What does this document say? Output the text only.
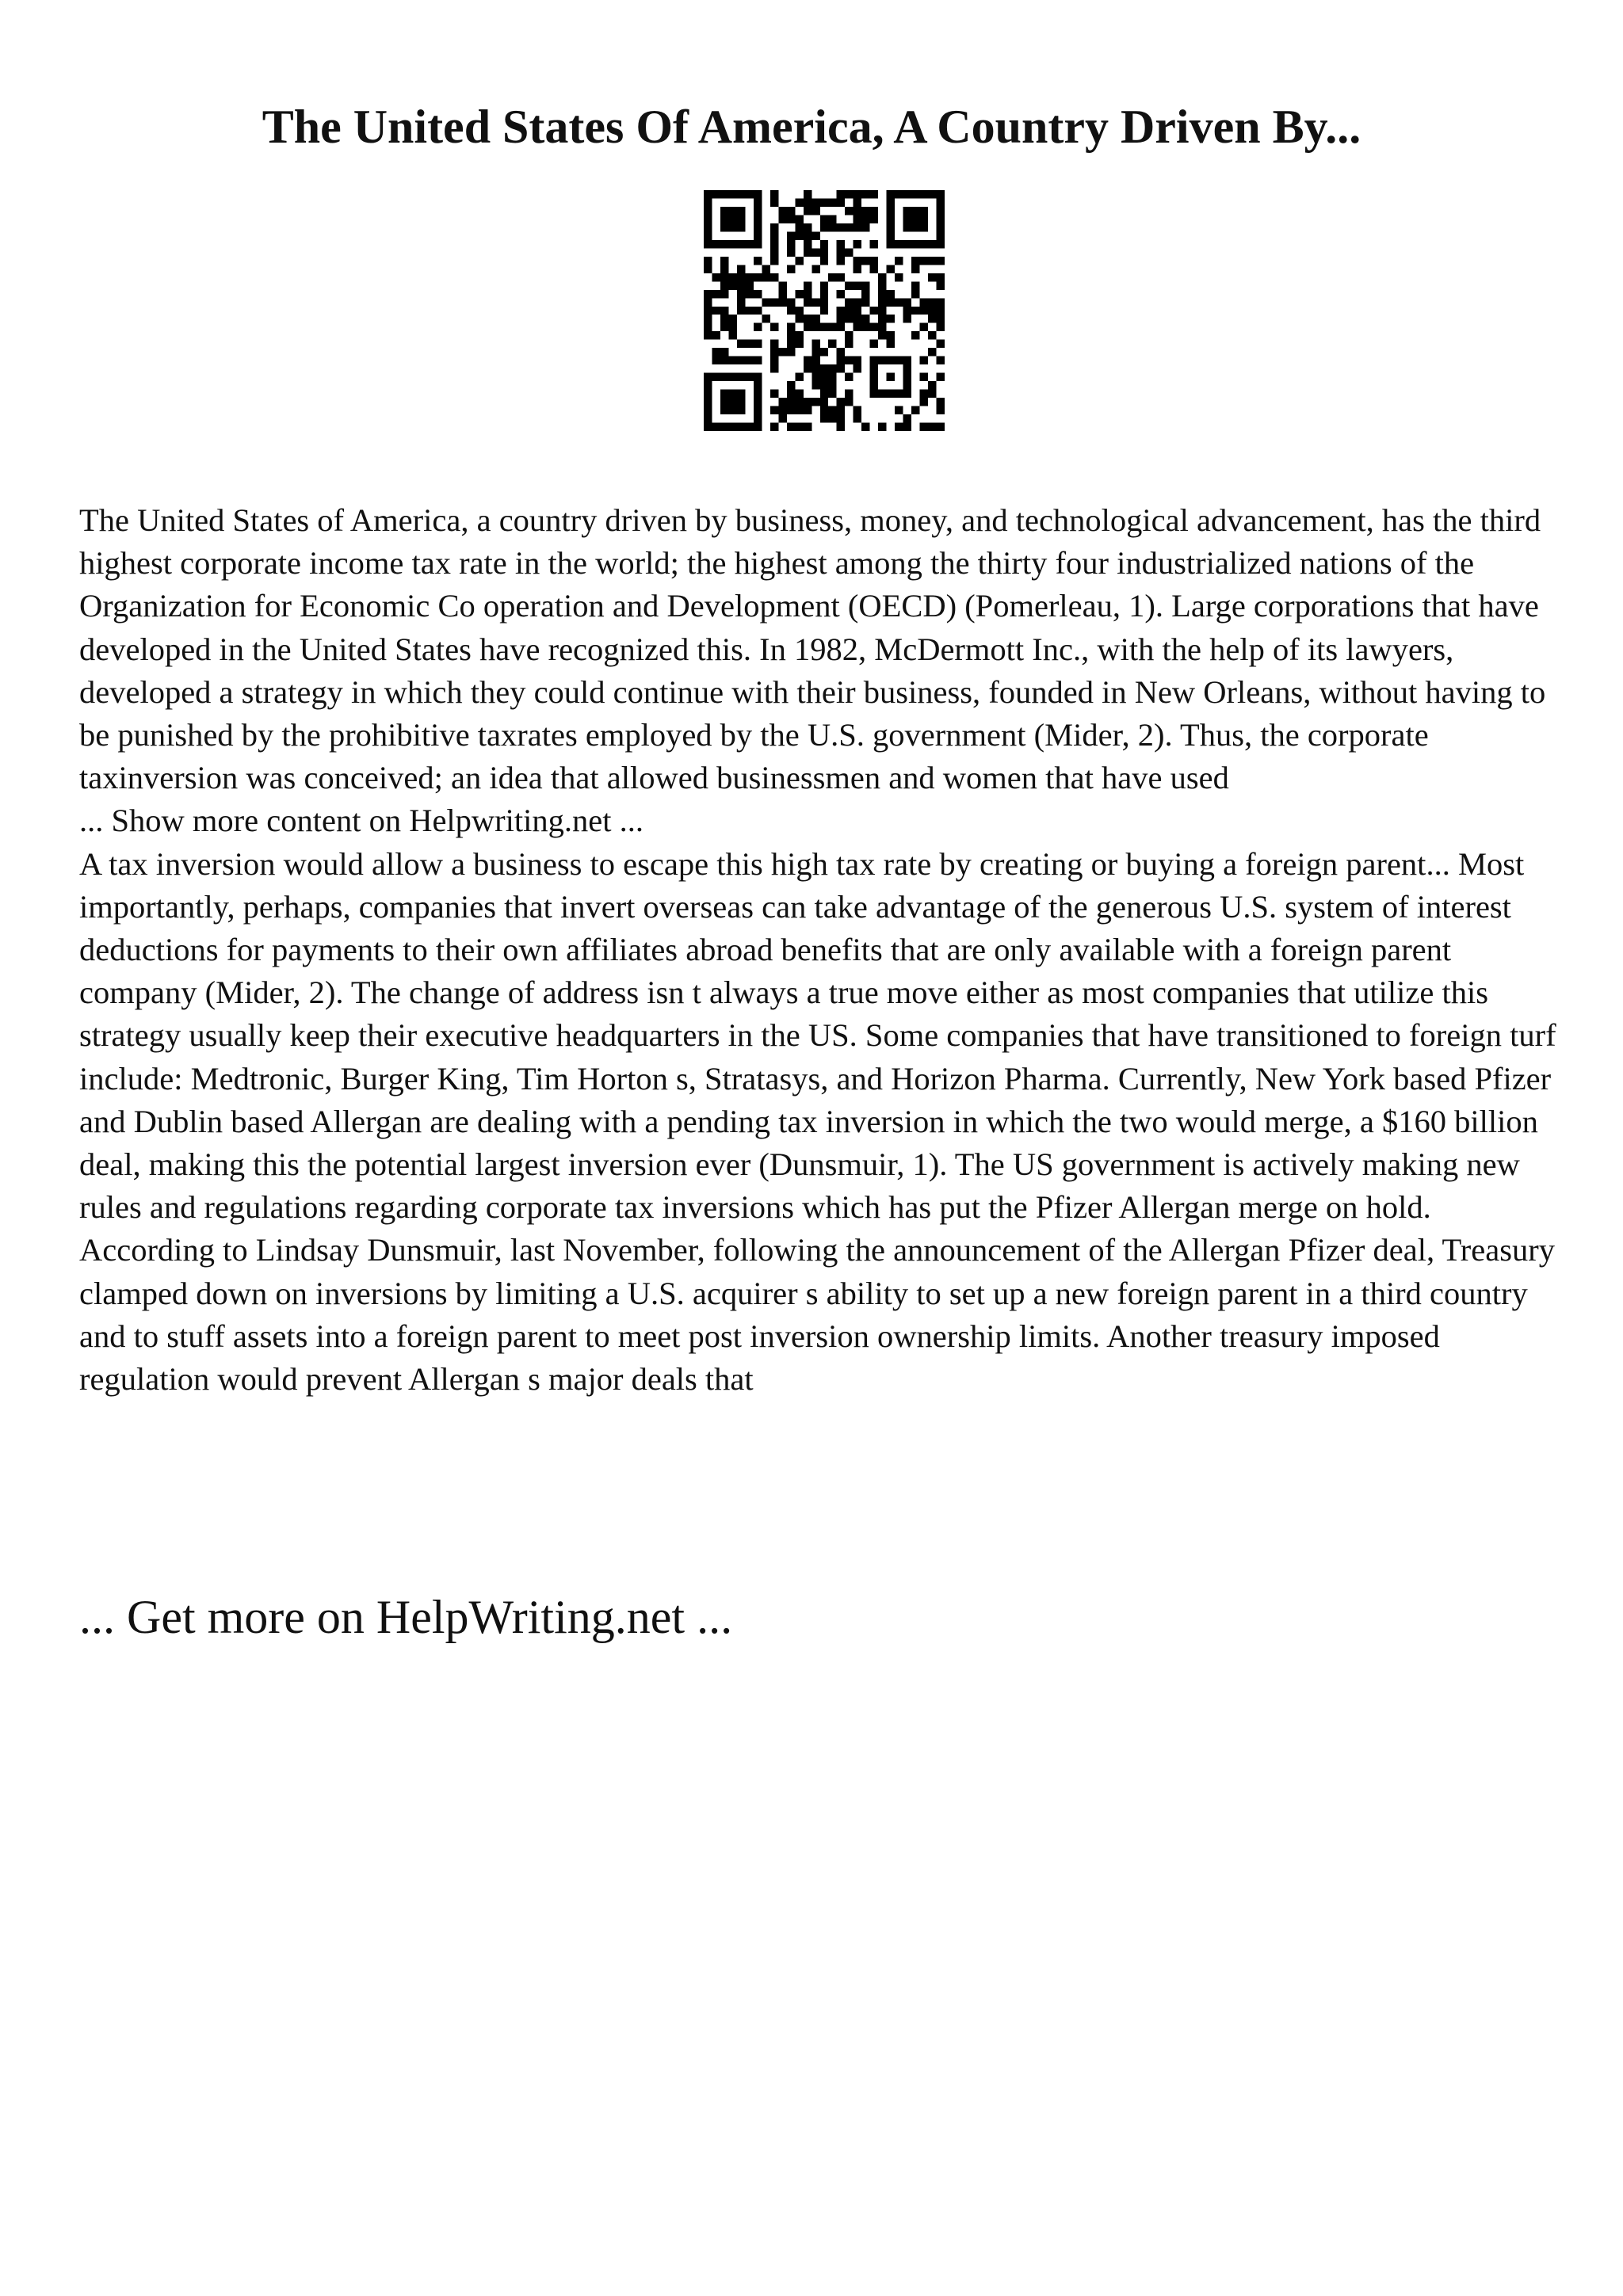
The United States Of America, A Country Driven By...

The United States of America, a country driven by business, money, and technological advancement, has the third highest corporate income tax rate in the world; the highest among the thirty four industrialized nations of the Organization for Economic Co operation and Development (OECD) (Pomerleau, 1). Large corporations that have developed in the United States have recognized this. In 1982, McDermott Inc., with the help of its lawyers, developed a strategy in which they could continue with their business, founded in New Orleans, without having to be punished by the prohibitive taxrates employed by the U.S. government (Mider, 2). Thus, the corporate taxinversion was conceived; an idea that allowed businessmen and women that have used

... Show more content on Helpwriting.net ...

A tax inversion would allow a business to escape this high tax rate by creating or buying a foreign parent... Most importantly, perhaps, companies that invert overseas can take advantage of the generous U.S. system of interest deductions for payments to their own affiliates abroad benefits that are only available with a foreign parent company (Mider, 2). The change of address isn t always a true move either as most companies that utilize this strategy usually keep their executive headquarters in the US. Some companies that have transitioned to foreign turf include: Medtronic, Burger King, Tim Horton s, Stratasys, and Horizon Pharma. Currently, New York based Pfizer and Dublin based Allergan are dealing with a pending tax inversion in which the two would merge, a $160 billion deal, making this the potential largest inversion ever (Dunsmuir, 1). The US government is actively making new rules and regulations regarding corporate tax inversions which has put the Pfizer Allergan merge on hold. According to Lindsay Dunsmuir, last November, following the announcement of the Allergan Pfizer deal, Treasury clamped down on inversions by limiting a U.S. acquirer s ability to set up a new foreign parent in a third country and to stuff assets into a foreign parent to meet post inversion ownership limits. Another treasury imposed regulation would prevent Allergan s major deals that

... Get more on HelpWriting.net ...
